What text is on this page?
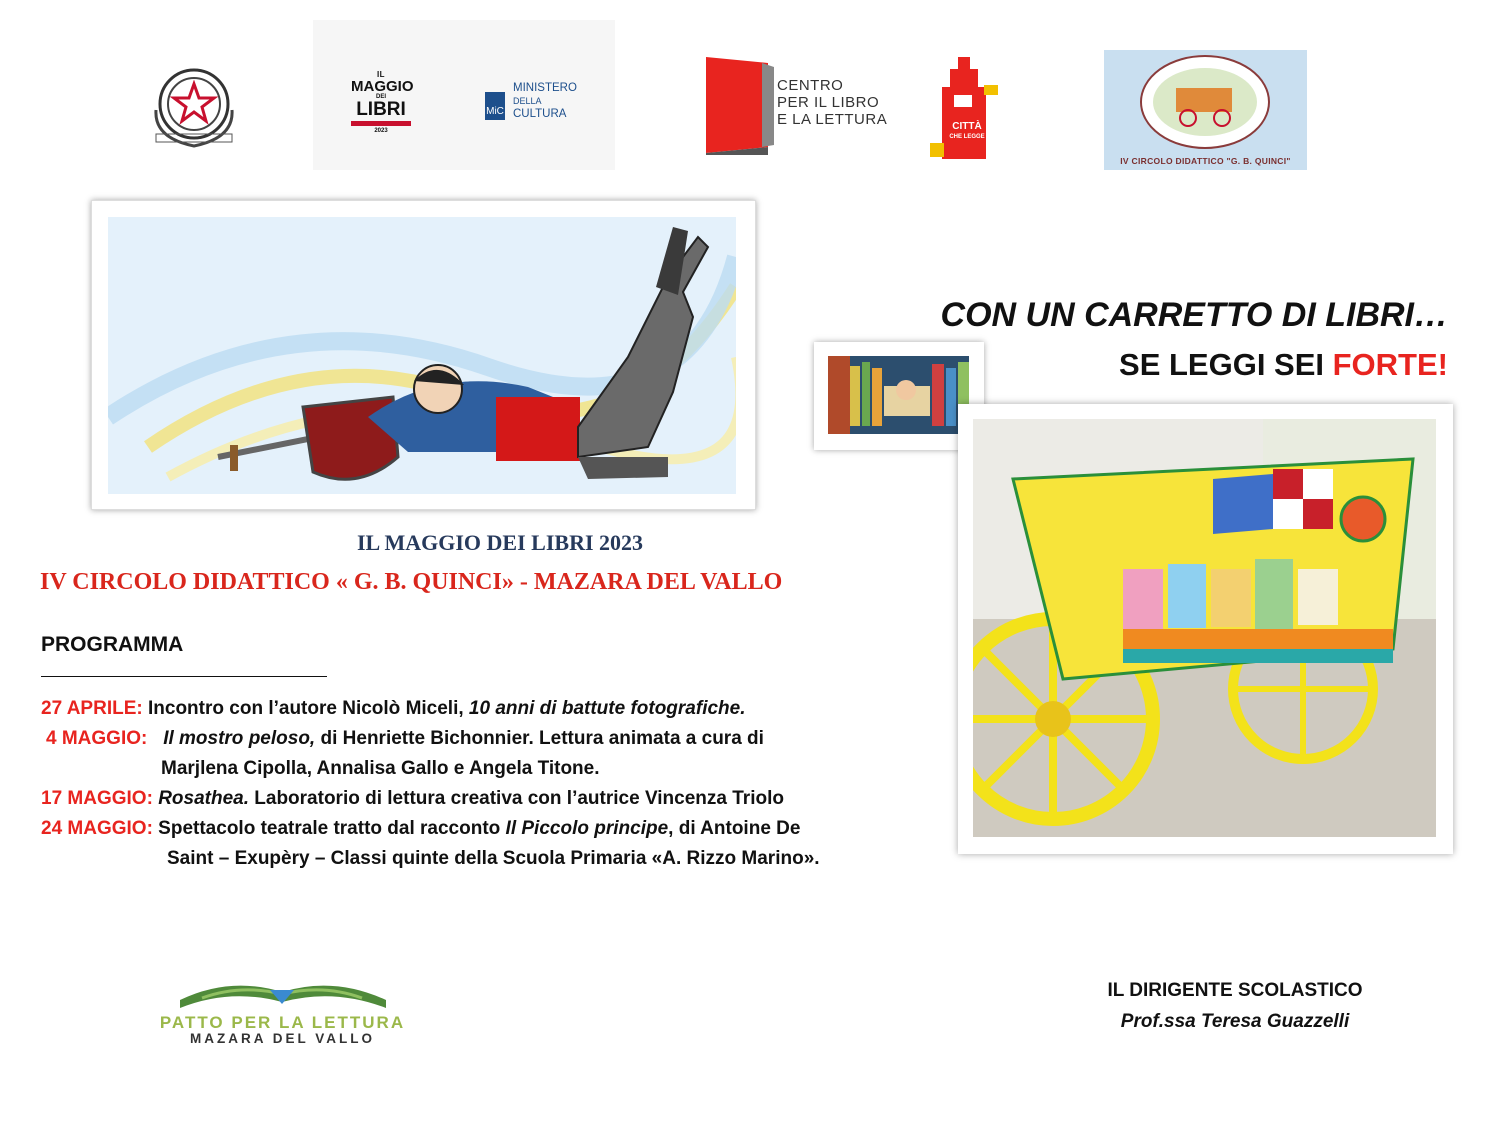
IL
MAGGIO
DEI
LIBRI
2023
MiC
MINISTERO
DELLA
CULTURA
CENTRO
PER IL LIBRO
E LA LETTURA	CITTÀ
CHE LEGGE
IV CIRCOLO DIDATTICO "G. B. QUINCI"
CON UN CARRETTO DI LIBRI…
SE LEGGI SEI FORTE!
IL MAGGIO DEI LIBRI 2023
IV CIRCOLO DIDATTICO « G. B. QUINCI» - MAZARA DEL VALLO
PROGRAMMA
27 APRILE: Incontro con l’autore Nicolò Miceli, 10 anni di battute fotografiche.
4 MAGGIO: Il mostro peloso, di Henriette Bichonnier. Lettura animata a cura di
Marjlena Cipolla, Annalisa Gallo e Angela Titone.
17 MAGGIO: Rosathea. Laboratorio di lettura creativa con l’autrice Vincenza Triolo
24 MAGGIO: Spettacolo teatrale tratto dal racconto Il Piccolo principe, di Antoine De
Saint – Exupèry – Classi quinte della Scuola Primaria «A. Rizzo Marino».
PATTO PER LA LETTURA
MAZARA DEL VALLO
IL DIRIGENTE SCOLASTICO
Prof.ssa Teresa Guazzelli
